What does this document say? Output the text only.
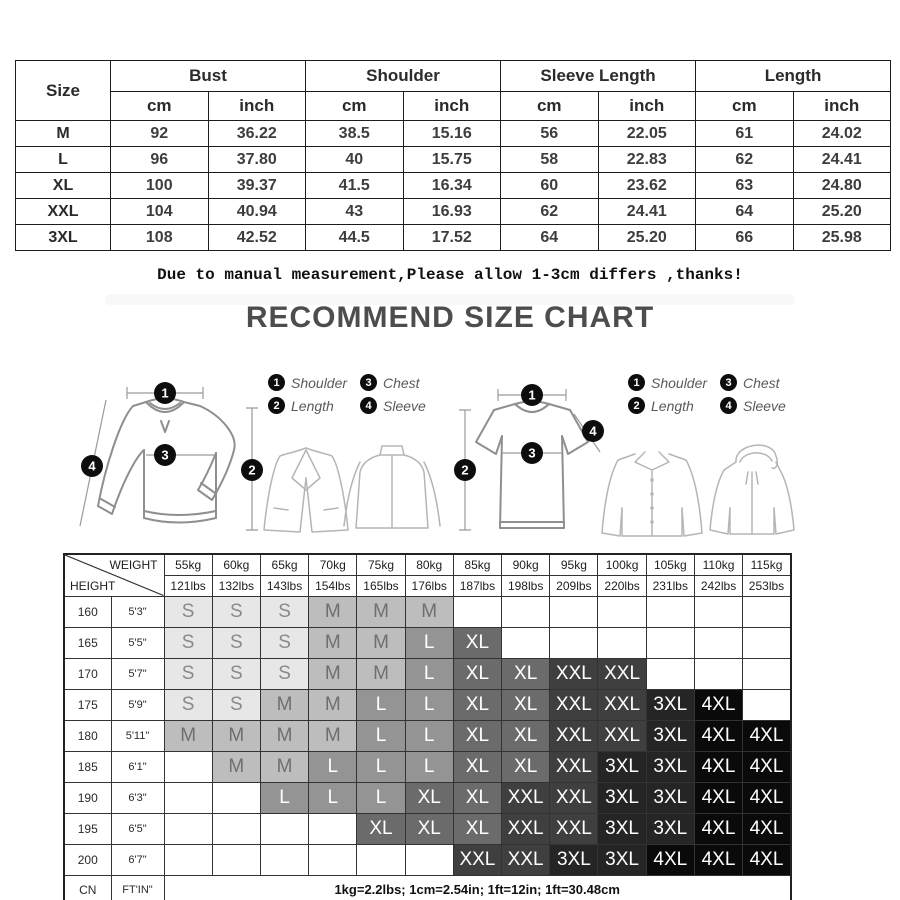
Size	Bust		Shoulder		Sleeve Length		Length	
	cm	inch	cm	inch	cm	inch	cm	inch
M	92	36.22	38.5	15.16	56	22.05	61	24.02
L	96	37.80	40	15.75	58	22.83	62	24.41
XL	100	39.37	41.5	16.34	60	23.62	63	24.80
XXL	104	40.94	43	16.93	62	24.41	64	25.20
3XL	108	42.52	44.5	17.52	64	25.20	66	25.98
Due to manual measurement,Please allow 1-3cm differs ,thanks!
RECOMMEND SIZE CHART
1
3
2
4
1
3
2
4
1 Shoulder	3 Chest
2 Length	4 Sleeve
1 Shoulder	3 Chest
2 Length	4 Sleeve
WEIGHT
HEIGHT		55kg	60kg	65kg	70kg	75kg	80kg	85kg	90kg	95kg	100kg	105kg	110kg	115kg
		121lbs	132lbs	143lbs	154lbs	165lbs	176lbs	187lbs	198lbs	209lbs	220lbs	231lbs	242lbs	253lbs
160	5'3"	S	S	S	M	M	M							
165	5'5"	S	S	S	M	M	L	XL						
170	5'7"	S	S	S	M	M	L	XL	XL	XXL	XXL			
175	5'9"	S	S	M	M	L	L	XL	XL	XXL	XXL	3XL	4XL	
180	5'11"	M	M	M	M	L	L	XL	XL	XXL	XXL	3XL	4XL	4XL
185	6'1"		M	M	L	L	L	XL	XL	XXL	3XL	3XL	4XL	4XL
190	6'3"			L	L	L	XL	XL	XXL	XXL	3XL	3XL	4XL	4XL
195	6'5"					XL	XL	XL	XXL	XXL	3XL	3XL	4XL	4XL
200	6'7"							XXL	XXL	3XL	3XL	4XL	4XL	4XL
CN	FT'IN"	1kg=2.2lbs; 1cm=2.54in; 1ft=12in; 1ft=30.48cm												
